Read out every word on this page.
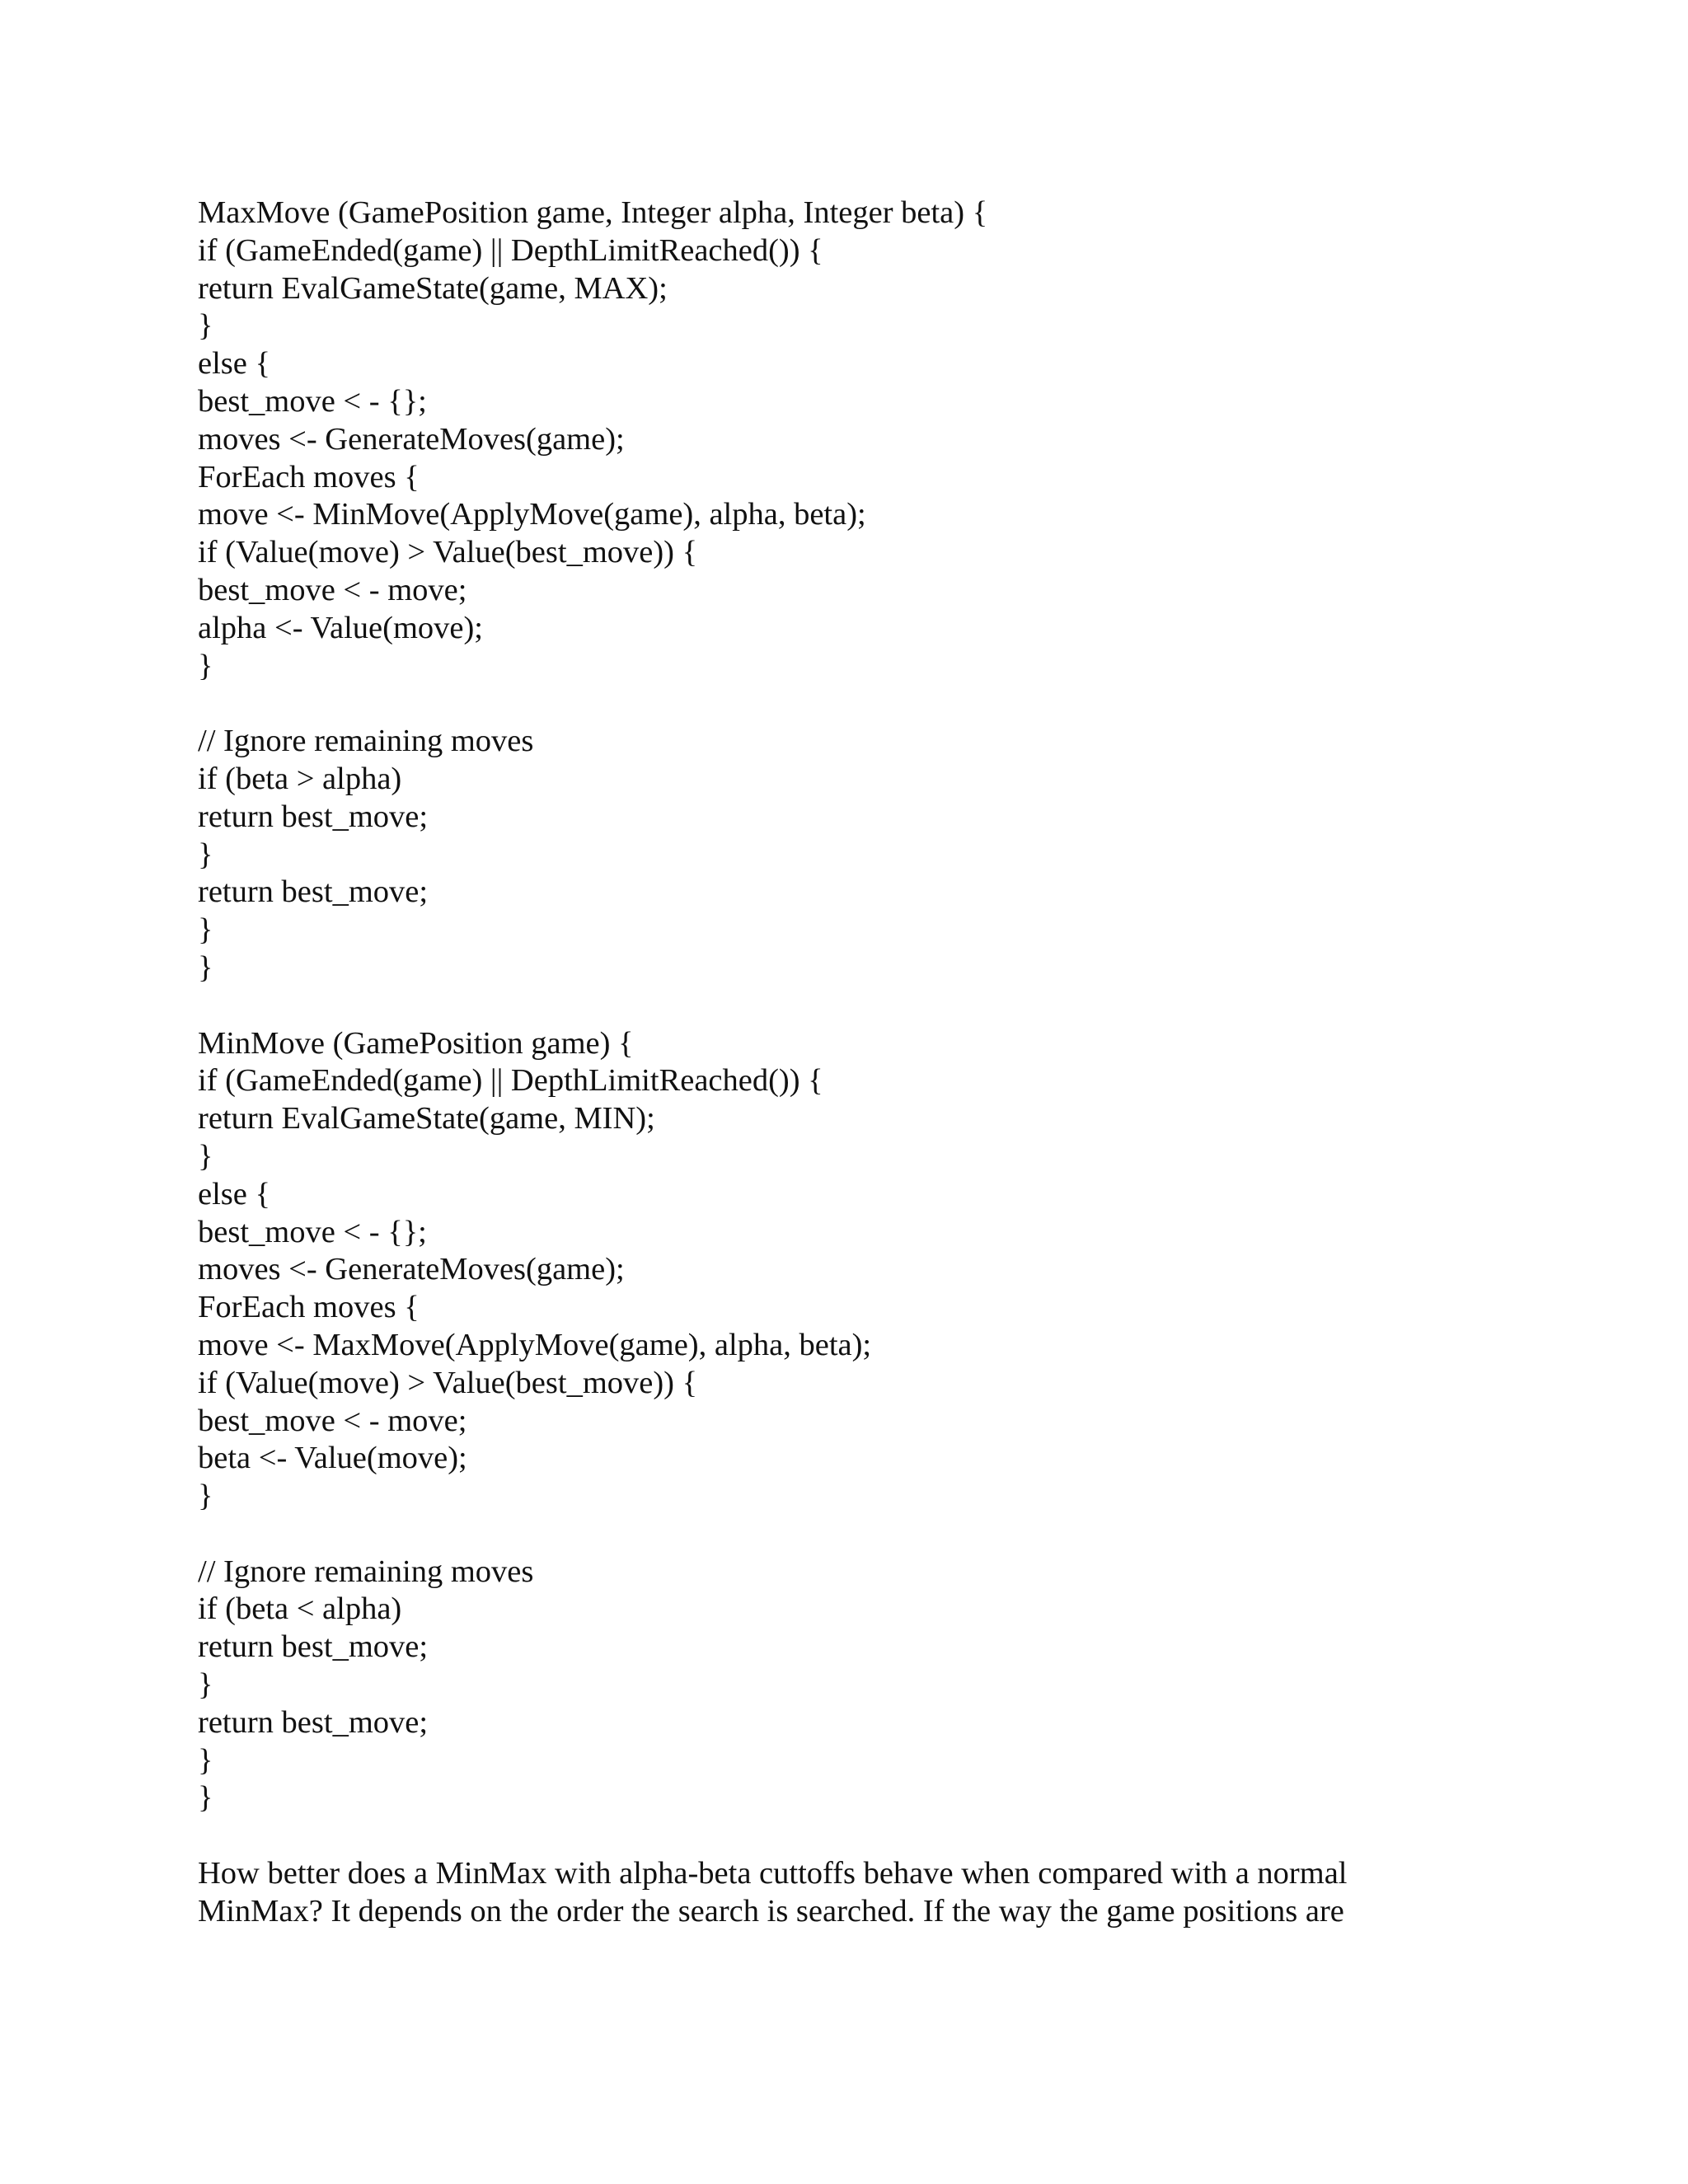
MaxMove (GamePosition game, Integer alpha, Integer beta) {
if (GameEnded(game) || DepthLimitReached()) {
return EvalGameState(game, MAX);
}
else {
best_move < - {};
moves <- GenerateMoves(game);
ForEach moves {
move <- MinMove(ApplyMove(game), alpha, beta);
if (Value(move) > Value(best_move)) {
best_move < - move;
alpha <- Value(move);
}
// Ignore remaining moves
if (beta > alpha)
return best_move;
}
return best_move;
}
}
MinMove (GamePosition game) {
if (GameEnded(game) || DepthLimitReached()) {
return EvalGameState(game, MIN);
}
else {
best_move < - {};
moves <- GenerateMoves(game);
ForEach moves {
move <- MaxMove(ApplyMove(game), alpha, beta);
if (Value(move) > Value(best_move)) {
best_move < - move;
beta <- Value(move);
}
// Ignore remaining moves
if (beta < alpha)
return best_move;
}
return best_move;
}
}
How better does a MinMax with alpha-beta cuttoffs behave when compared with a normal
MinMax? It depends on the order the search is searched. If the way the game positions are
